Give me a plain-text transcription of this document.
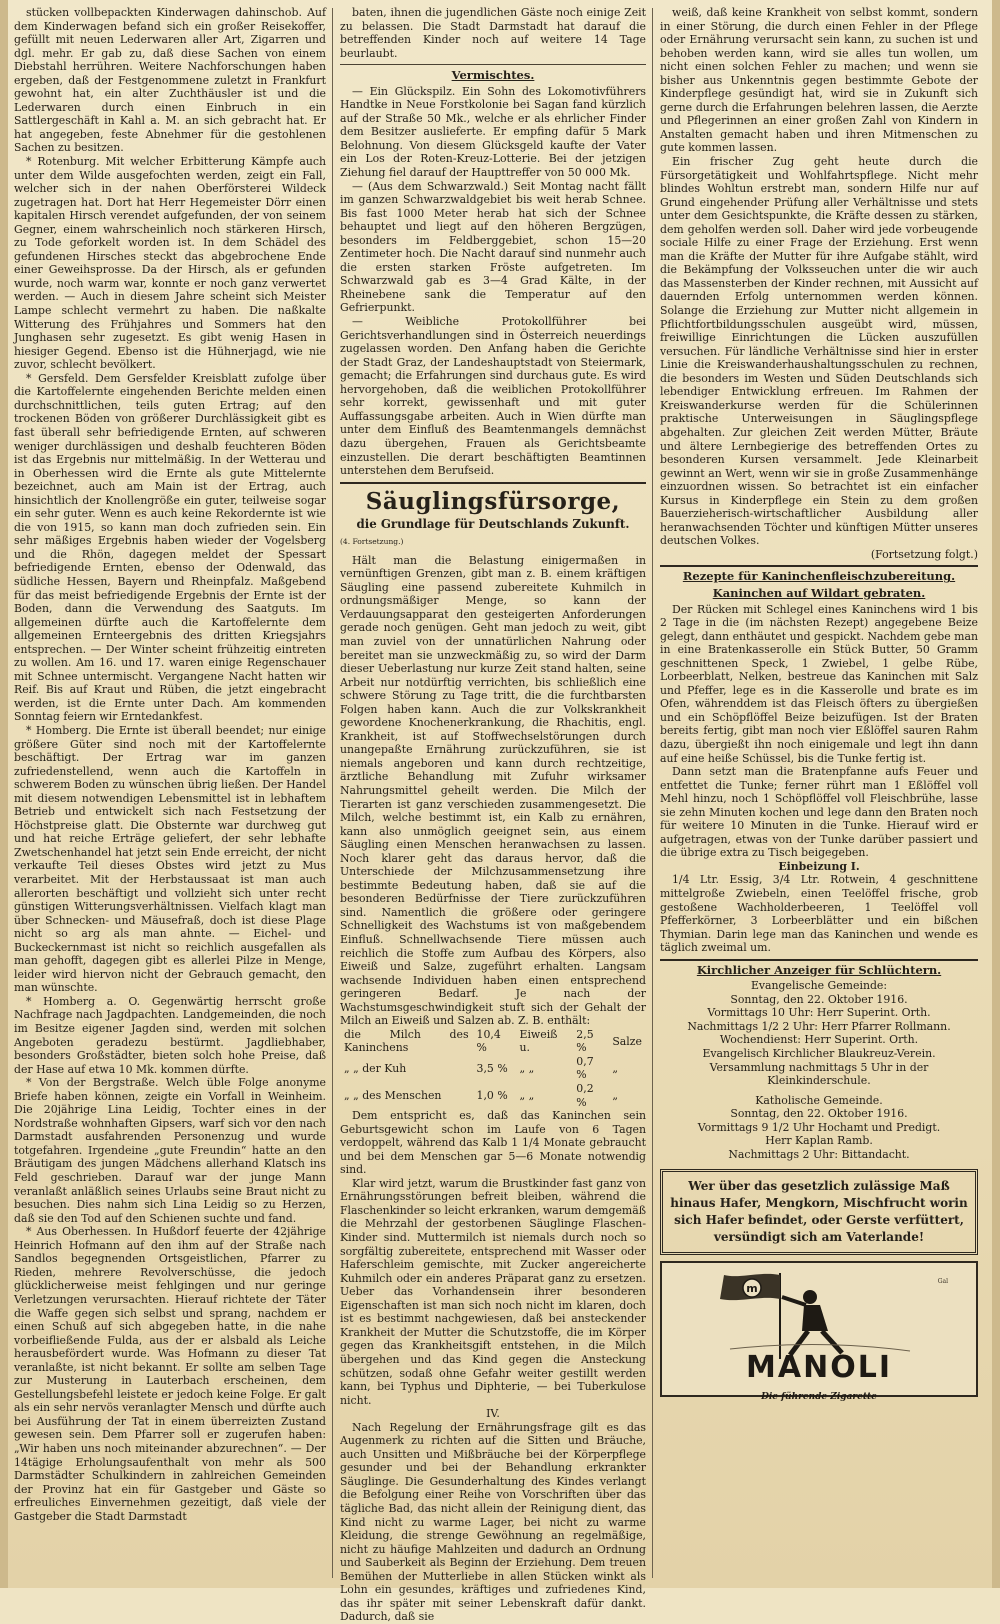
stücken vollbepackten Kinderwagen dahinschob. Auf dem Kinderwagen befand sich ein großer Reisekoffer, gefüllt mit neuen Lederwaren aller Art, Zigarren und dgl. mehr. Er gab zu, daß diese Sachen von einem Diebstahl herrühren. Weitere Nachforschungen haben ergeben, daß der Festgenommene zuletzt in Frankfurt gewohnt hat, ein alter Zuchthäusler ist und die Lederwaren durch einen Einbruch in ein Sattlergeschäft in Kahl a. M. an sich gebracht hat. Er hat angegeben, feste Abnehmer für die gestohlenen Sachen zu besitzen.

* Rotenburg. Mit welcher Erbitterung Kämpfe auch unter dem Wilde ausgefochten werden, zeigt ein Fall, welcher sich in der nahen Oberförsterei Wildeck zugetragen hat. Dort hat Herr Hegemeister Dörr einen kapitalen Hirsch verendet aufgefunden, der von seinem Gegner, einem wahrscheinlich noch stärkeren Hirsch, zu Tode geforkelt worden ist. In dem Schädel des gefundenen Hirsches steckt das abgebrochene Ende einer Geweihsprosse. Da der Hirsch, als er gefunden wurde, noch warm war, konnte er noch ganz verwertet werden. — Auch in diesem Jahre scheint sich Meister Lampe schlecht vermehrt zu haben. Die naßkalte Witterung des Frühjahres und Sommers hat den Junghasen sehr zugesetzt. Es gibt wenig Hasen in hiesiger Gegend. Ebenso ist die Hühnerjagd, wie nie zuvor, schlecht bevölkert.

* Gersfeld. Dem Gersfelder Kreisblatt zufolge über die Kartoffelernte eingehenden Berichte melden einen durchschnittlichen, teils guten Ertrag; auf den trockenen Böden von größerer Durchlässigkeit gibt es fast überall sehr befriedigende Ernten, auf schweren weniger durchlässigen und deshalb feuchteren Böden ist das Ergebnis nur mittelmäßig. In der Wetterau und in Oberhessen wird die Ernte als gute Mittelernte bezeichnet, auch am Main ist der Ertrag, auch hinsichtlich der Knollengröße ein guter, teilweise sogar ein sehr guter. Wenn es auch keine Rekordernte ist wie die von 1915, so kann man doch zufrieden sein. Ein sehr mäßiges Ergebnis haben wieder der Vogelsberg und die Rhön, dagegen meldet der Spessart befriedigende Ernten, ebenso der Odenwald, das südliche Hessen, Bayern und Rheinpfalz. Maßgebend für das meist befriedigende Ergebnis der Ernte ist der Boden, dann die Verwendung des Saatguts. Im allgemeinen dürfte auch die Kartoffelernte dem allgemeinen Ernteergebnis des dritten Kriegsjahrs entsprechen. — Der Winter scheint frühzeitig eintreten zu wollen. Am 16. und 17. waren einige Regenschauer mit Schnee untermischt. Vergangene Nacht hatten wir Reif. Bis auf Kraut und Rüben, die jetzt eingebracht werden, ist die Ernte unter Dach. Am kommenden Sonntag feiern wir Erntedankfest.

* Homberg. Die Ernte ist überall beendet; nur einige größere Güter sind noch mit der Kartoffelernte beschäftigt. Der Ertrag war im ganzen zufriedenstellend, wenn auch die Kartoffeln in schwerem Boden zu wünschen übrig ließen. Der Handel mit diesem notwendigen Lebensmittel ist in lebhaftem Betrieb und entwickelt sich nach Festsetzung der Höchstpreise glatt. Die Obsternte war durchweg gut und hat reiche Erträge geliefert, der sehr lebhafte Zwetschenhandel hat jetzt sein Ende erreicht, der nicht verkaufte Teil dieses Obstes wird jetzt zu Mus verarbeitet. Mit der Herbstaussaat ist man auch allerorten beschäftigt und vollzieht sich unter recht günstigen Witterungsverhältnissen. Vielfach klagt man über Schnecken- und Mäusefraß, doch ist diese Plage nicht so arg als man ahnte. — Eichel- und Buckeckernmast ist nicht so reichlich ausgefallen als man gehofft, dagegen gibt es allerlei Pilze in Menge, leider wird hiervon nicht der Gebrauch gemacht, den man wünschte.

* Homberg a. O. Gegenwärtig herrscht große Nachfrage nach Jagdpachten. Landgemeinden, die noch im Besitze eigener Jagden sind, werden mit solchen Angeboten geradezu bestürmt. Jagdliebhaber, besonders Großstädter, bieten solch hohe Preise, daß der Hase auf etwa 10 Mk. kommen dürfte.

* Von der Bergstraße. Welch üble Folge anonyme Briefe haben können, zeigte ein Vorfall in Weinheim. Die 20jährige Lina Leidig, Tochter eines in der Nordstraße wohnhaften Gipsers, warf sich vor den nach Darmstadt ausfahrenden Personenzug und wurde totgefahren. Irgendeine „gute Freundin“ hatte an den Bräutigam des jungen Mädchens allerhand Klatsch ins Feld geschrieben. Darauf war der junge Mann veranlaßt anläßlich seines Urlaubs seine Braut nicht zu besuchen. Dies nahm sich Lina Leidig so zu Herzen, daß sie den Tod auf den Schienen suchte und fand.

* Aus Oberhessen. In Hußdorf feuerte der 42jährige Heinrich Hofmann auf den ihm auf der Straße nach Sandlos begegnenden Ortsgeistlichen, Pfarrer zu Rieden, mehrere Revolverschüsse, die jedoch glücklicherweise meist fehlgingen und nur geringe Verletzungen verursachten. Hierauf richtete der Täter die Waffe gegen sich selbst und sprang, nachdem er einen Schuß auf sich abgegeben hatte, in die nahe vorbeifließende Fulda, aus der er alsbald als Leiche herausbefördert wurde. Was Hofmann zu dieser Tat veranlaßte, ist nicht bekannt. Er sollte am selben Tage zur Musterung in Lauterbach erscheinen, dem Gestellungsbefehl leistete er jedoch keine Folge. Er galt als ein sehr nervös veranlagter Mensch und dürfte auch bei Ausführung der Tat in einem überreizten Zustand gewesen sein. Dem Pfarrer soll er zugerufen haben: „Wir haben uns noch miteinander abzurechnen“. — Der 14tägige Erholungsaufenthalt von mehr als 500 Darmstädter Schulkindern in zahlreichen Gemeinden der Provinz hat ein für Gastgeber und Gäste so erfreuliches Einvernehmen gezeitigt, daß viele der Gastgeber die Stadt Darmstadt

baten, ihnen die jugendlichen Gäste noch einige Zeit zu belassen. Die Stadt Darmstadt hat darauf die betreffenden Kinder noch auf weitere 14 Tage beurlaubt.

Vermischtes.

— Ein Glückspilz. Ein Sohn des Lokomotivführers Handtke in Neue Forstkolonie bei Sagan fand kürzlich auf der Straße 50 Mk., welche er als ehrlicher Finder dem Besitzer auslieferte. Er empfing dafür 5 Mark Belohnung. Von diesem Glücksgeld kaufte der Vater ein Los der Roten-Kreuz-Lotterie. Bei der jetzigen Ziehung fiel darauf der Haupttreffer von 50 000 Mk.

— (Aus dem Schwarzwald.) Seit Montag nacht fällt im ganzen Schwarzwaldgebiet bis weit herab Schnee. Bis fast 1000 Meter herab hat sich der Schnee behauptet und liegt auf den höheren Bergzügen, besonders im Feldberggebiet, schon 15—20 Zentimeter hoch. Die Nacht darauf sind nunmehr auch die ersten starken Fröste aufgetreten. Im Schwarzwald gab es 3—4 Grad Kälte, in der Rheinebene sank die Temperatur auf den Gefrierpunkt.

— Weibliche Protokollführer bei Gerichtsverhandlungen sind in Österreich neuerdings zugelassen worden. Den Anfang haben die Gerichte der Stadt Graz, der Landeshauptstadt von Steiermark, gemacht; die Erfahrungen sind durchaus gute. Es wird hervorgehoben, daß die weiblichen Protokollführer sehr korrekt, gewissenhaft und mit guter Auffassungsgabe arbeiten. Auch in Wien dürfte man unter dem Einfluß des Beamtenmangels demnächst dazu übergehen, Frauen als Gerichtsbeamte einzustellen. Die derart beschäftigten Beamtinnen unterstehen dem Berufseid.

Säuglingsfürsorge,
die Grundlage für Deutschlands Zukunft.

(4. Fortsetzung.)

Hält man die Belastung einigermaßen in vernünftigen Grenzen, gibt man z. B. einem kräftigen Säugling eine passend zubereitete Kuhmilch in ordnungsmäßiger Menge, so kann der Verdauungsapparat den gesteigerten Anforderungen gerade noch genügen. Geht man jedoch zu weit, gibt man zuviel von der unnatürlichen Nahrung oder bereitet man sie unzweckmäßig zu, so wird der Darm dieser Ueberlastung nur kurze Zeit stand halten, seine Arbeit nur notdürftig verrichten, bis schließlich eine schwere Störung zu Tage tritt, die die furchtbarsten Folgen haben kann. Auch die zur Volkskrankheit gewordene Knochenerkrankung, die Rhachitis, engl. Krankheit, ist auf Stoffwechselstörungen durch unangepaßte Ernährung zurückzuführen, sie ist niemals angeboren und kann durch rechtzeitige, ärztliche Behandlung mit Zufuhr wirksamer Nahrungsmittel geheilt werden. Die Milch der Tierarten ist ganz verschieden zusammengesetzt. Die Milch, welche bestimmt ist, ein Kalb zu ernähren, kann also unmöglich geeignet sein, aus einem Säugling einen Menschen heranwachsen zu lassen. Noch klarer geht das daraus hervor, daß die Unterschiede der Milchzusammensetzung ihre bestimmte Bedeutung haben, daß sie auf die besonderen Bedürfnisse der Tiere zurückzuführen sind. Namentlich die größere oder geringere Schnelligkeit des Wachstums ist von maßgebendem Einfluß. Schnellwachsende Tiere müssen auch reichlich die Stoffe zum Aufbau des Körpers, also Eiweiß und Salze, zugeführt erhalten. Langsam wachsende Individuen haben einen entsprechend geringeren Bedarf. Je nach der Wachstumsgeschwindigkeit stuft sich der Gehalt der Milch an Eiweiß und Salzen ab. Z. B. enthält:

die Milch des Kaninchens	10,4 %	Eiweiß u.	2,5 %	Salze
„ „ der Kuh	3,5 %	„ „	0,7 %	„
„ „ des Menschen	1,0 %	„ „	0,2 %	„

Dem entspricht es, daß das Kaninchen sein Geburtsgewicht schon im Laufe von 6 Tagen verdoppelt, während das Kalb 1 1/4 Monate gebraucht und bei dem Menschen gar 5—6 Monate notwendig sind.

Klar wird jetzt, warum die Brustkinder fast ganz von Ernährungsstörungen befreit bleiben, während die Flaschenkinder so leicht erkranken, warum demgemäß die Mehrzahl der gestorbenen Säuglinge Flaschen-Kinder sind. Muttermilch ist niemals durch noch so sorgfältig zubereitete, entsprechend mit Wasser oder Haferschleim gemischte, mit Zucker angereicherte Kuhmilch oder ein anderes Präparat ganz zu ersetzen. Ueber das Vorhandensein ihrer besonderen Eigenschaften ist man sich noch nicht im klaren, doch ist es bestimmt nachgewiesen, daß bei ansteckender Krankheit der Mutter die Schutzstoffe, die im Körper gegen das Krankheitsgift entstehen, in die Milch übergehen und das Kind gegen die Ansteckung schützen, sodaß ohne Gefahr weiter gestillt werden kann, bei Typhus und Diphterie, — bei Tuberkulose nicht.

IV.

Nach Regelung der Ernährungsfrage gilt es das Augenmerk zu richten auf die Sitten und Bräuche, auch Unsitten und Mißbräuche bei der Körperpflege gesunder und bei der Behandlung erkrankter Säuglinge. Die Gesunderhaltung des Kindes verlangt die Befolgung einer Reihe von Vorschriften über das tägliche Bad, das nicht allein der Reinigung dient, das Kind nicht zu warme Lager, bei nicht zu warme Kleidung, die strenge Gewöhnung an regelmäßige, nicht zu häufige Mahlzeiten und dadurch an Ordnung und Sauberkeit als Beginn der Erziehung. Dem treuen Bemühen der Mutterliebe in allen Stücken winkt als Lohn ein gesundes, kräftiges und zufriedenes Kind, das ihr später mit seiner Lebenskraft dafür dankt. Dadurch, daß sie

weiß, daß keine Krankheit von selbst kommt, sondern in einer Störung, die durch einen Fehler in der Pflege oder Ernährung verursacht sein kann, zu suchen ist und behoben werden kann, wird sie alles tun wollen, um nicht einen solchen Fehler zu machen; und wenn sie bisher aus Unkenntnis gegen bestimmte Gebote der Kinderpflege gesündigt hat, wird sie in Zukunft sich gerne durch die Erfahrungen belehren lassen, die Aerzte und Pflegerinnen an einer großen Zahl von Kindern in Anstalten gemacht haben und ihren Mitmenschen zu gute kommen lassen.

Ein frischer Zug geht heute durch die Fürsorgetätigkeit und Wohlfahrtspflege. Nicht mehr blindes Wohltun erstrebt man, sondern Hilfe nur auf Grund eingehender Prüfung aller Verhältnisse und stets unter dem Gesichtspunkte, die Kräfte dessen zu stärken, dem geholfen werden soll. Daher wird jede vorbeugende sociale Hilfe zu einer Frage der Erziehung. Erst wenn man die Kräfte der Mutter für ihre Aufgabe stählt, wird die Bekämpfung der Volksseuchen unter die wir auch das Massensterben der Kinder rechnen, mit Aussicht auf dauernden Erfolg unternommen werden können. Solange die Erziehung zur Mutter nicht allgemein in Pflichtfortbildungsschulen ausgeübt wird, müssen, freiwillige Einrichtungen die Lücken auszufüllen versuchen. Für ländliche Verhältnisse sind hier in erster Linie die Kreiswanderhaushaltungsschulen zu rechnen, die besonders im Westen und Süden Deutschlands sich lebendiger Entwicklung erfreuen. Im Rahmen der Kreiswanderkurse werden für die Schülerinnen praktische Unterweisungen in Säuglingspflege abgehalten. Zur gleichen Zeit werden Mütter, Bräute und ältere Lernbegierige des betreffenden Ortes zu besonderen Kursen versammelt. Jede Kleinarbeit gewinnt an Wert, wenn wir sie in große Zusammenhänge einzuordnen wissen. So betrachtet ist ein einfacher Kursus in Kinderpflege ein Stein zu dem großen Bauerzieherisch-wirtschaftlicher Ausbildung aller heranwachsenden Töchter und künftigen Mütter unseres deutschen Volkes.

(Fortsetzung folgt.)

Rezepte für Kaninchenfleischzubereitung.

Kaninchen auf Wildart gebraten.

Der Rücken mit Schlegel eines Kaninchens wird 1 bis 2 Tage in die (im nächsten Rezept) angegebene Beize gelegt, dann enthäutet und gespickt. Nachdem gebe man in eine Bratenkasserolle ein Stück Butter, 50 Gramm geschnittenen Speck, 1 Zwiebel, 1 gelbe Rübe, Lorbeerblatt, Nelken, bestreue das Kaninchen mit Salz und Pfeffer, lege es in die Kasserolle und brate es im Ofen, währenddem ist das Fleisch öfters zu übergießen und ein Schöpflöffel Beize beizufügen. Ist der Braten bereits fertig, gibt man noch vier Eßlöffel sauren Rahm dazu, übergießt ihn noch einigemale und legt ihn dann auf eine heiße Schüssel, bis die Tunke fertig ist.

Dann setzt man die Bratenpfanne aufs Feuer und entfettet die Tunke; ferner rührt man 1 Eßlöffel voll Mehl hinzu, noch 1 Schöpflöffel voll Fleischbrühe, lasse sie zehn Minuten kochen und lege dann den Braten noch für weitere 10 Minuten in die Tunke. Hierauf wird er aufgetragen, etwas von der Tunke darüber passiert und die übrige extra zu Tisch beigegeben.

Einbeizung I.

1/4 Ltr. Essig, 3/4 Ltr. Rotwein, 4 geschnittene mittelgroße Zwiebeln, einen Teelöffel frische, grob gestoßene Wachholderbeeren, 1 Teelöffel voll Pfefferkörner, 3 Lorbeerblätter und ein bißchen Thymian. Darin lege man das Kaninchen und wende es täglich zweimal um.

Kirchlicher Anzeiger für Schlüchtern.

Evangelische Gemeinde:

Sonntag, den 22. Oktober 1916.

Vormittags 10 Uhr: Herr Superint. Orth.

Nachmittags 1/2 2 Uhr: Herr Pfarrer Rollmann.

Wochendienst: Herr Superint. Orth.

Evangelisch Kirchlicher Blaukreuz-Verein.

Versammlung nachmittags 5 Uhr in der Kleinkinderschule.

Katholische Gemeinde.

Sonntag, den 22. Oktober 1916.

Vormittags 9 1/2 Uhr Hochamt und Predigt.

Herr Kaplan Ramb.

Nachmittags 2 Uhr: Bittandacht.

Wer über das gesetzlich zulässige Maß hinaus Hafer, Mengkorn, Mischfrucht worin sich Hafer befindet, oder Gerste verfüttert, versündigt sich am Vaterlande!
m
Gal
MANOLI
Die führende Zigarette
